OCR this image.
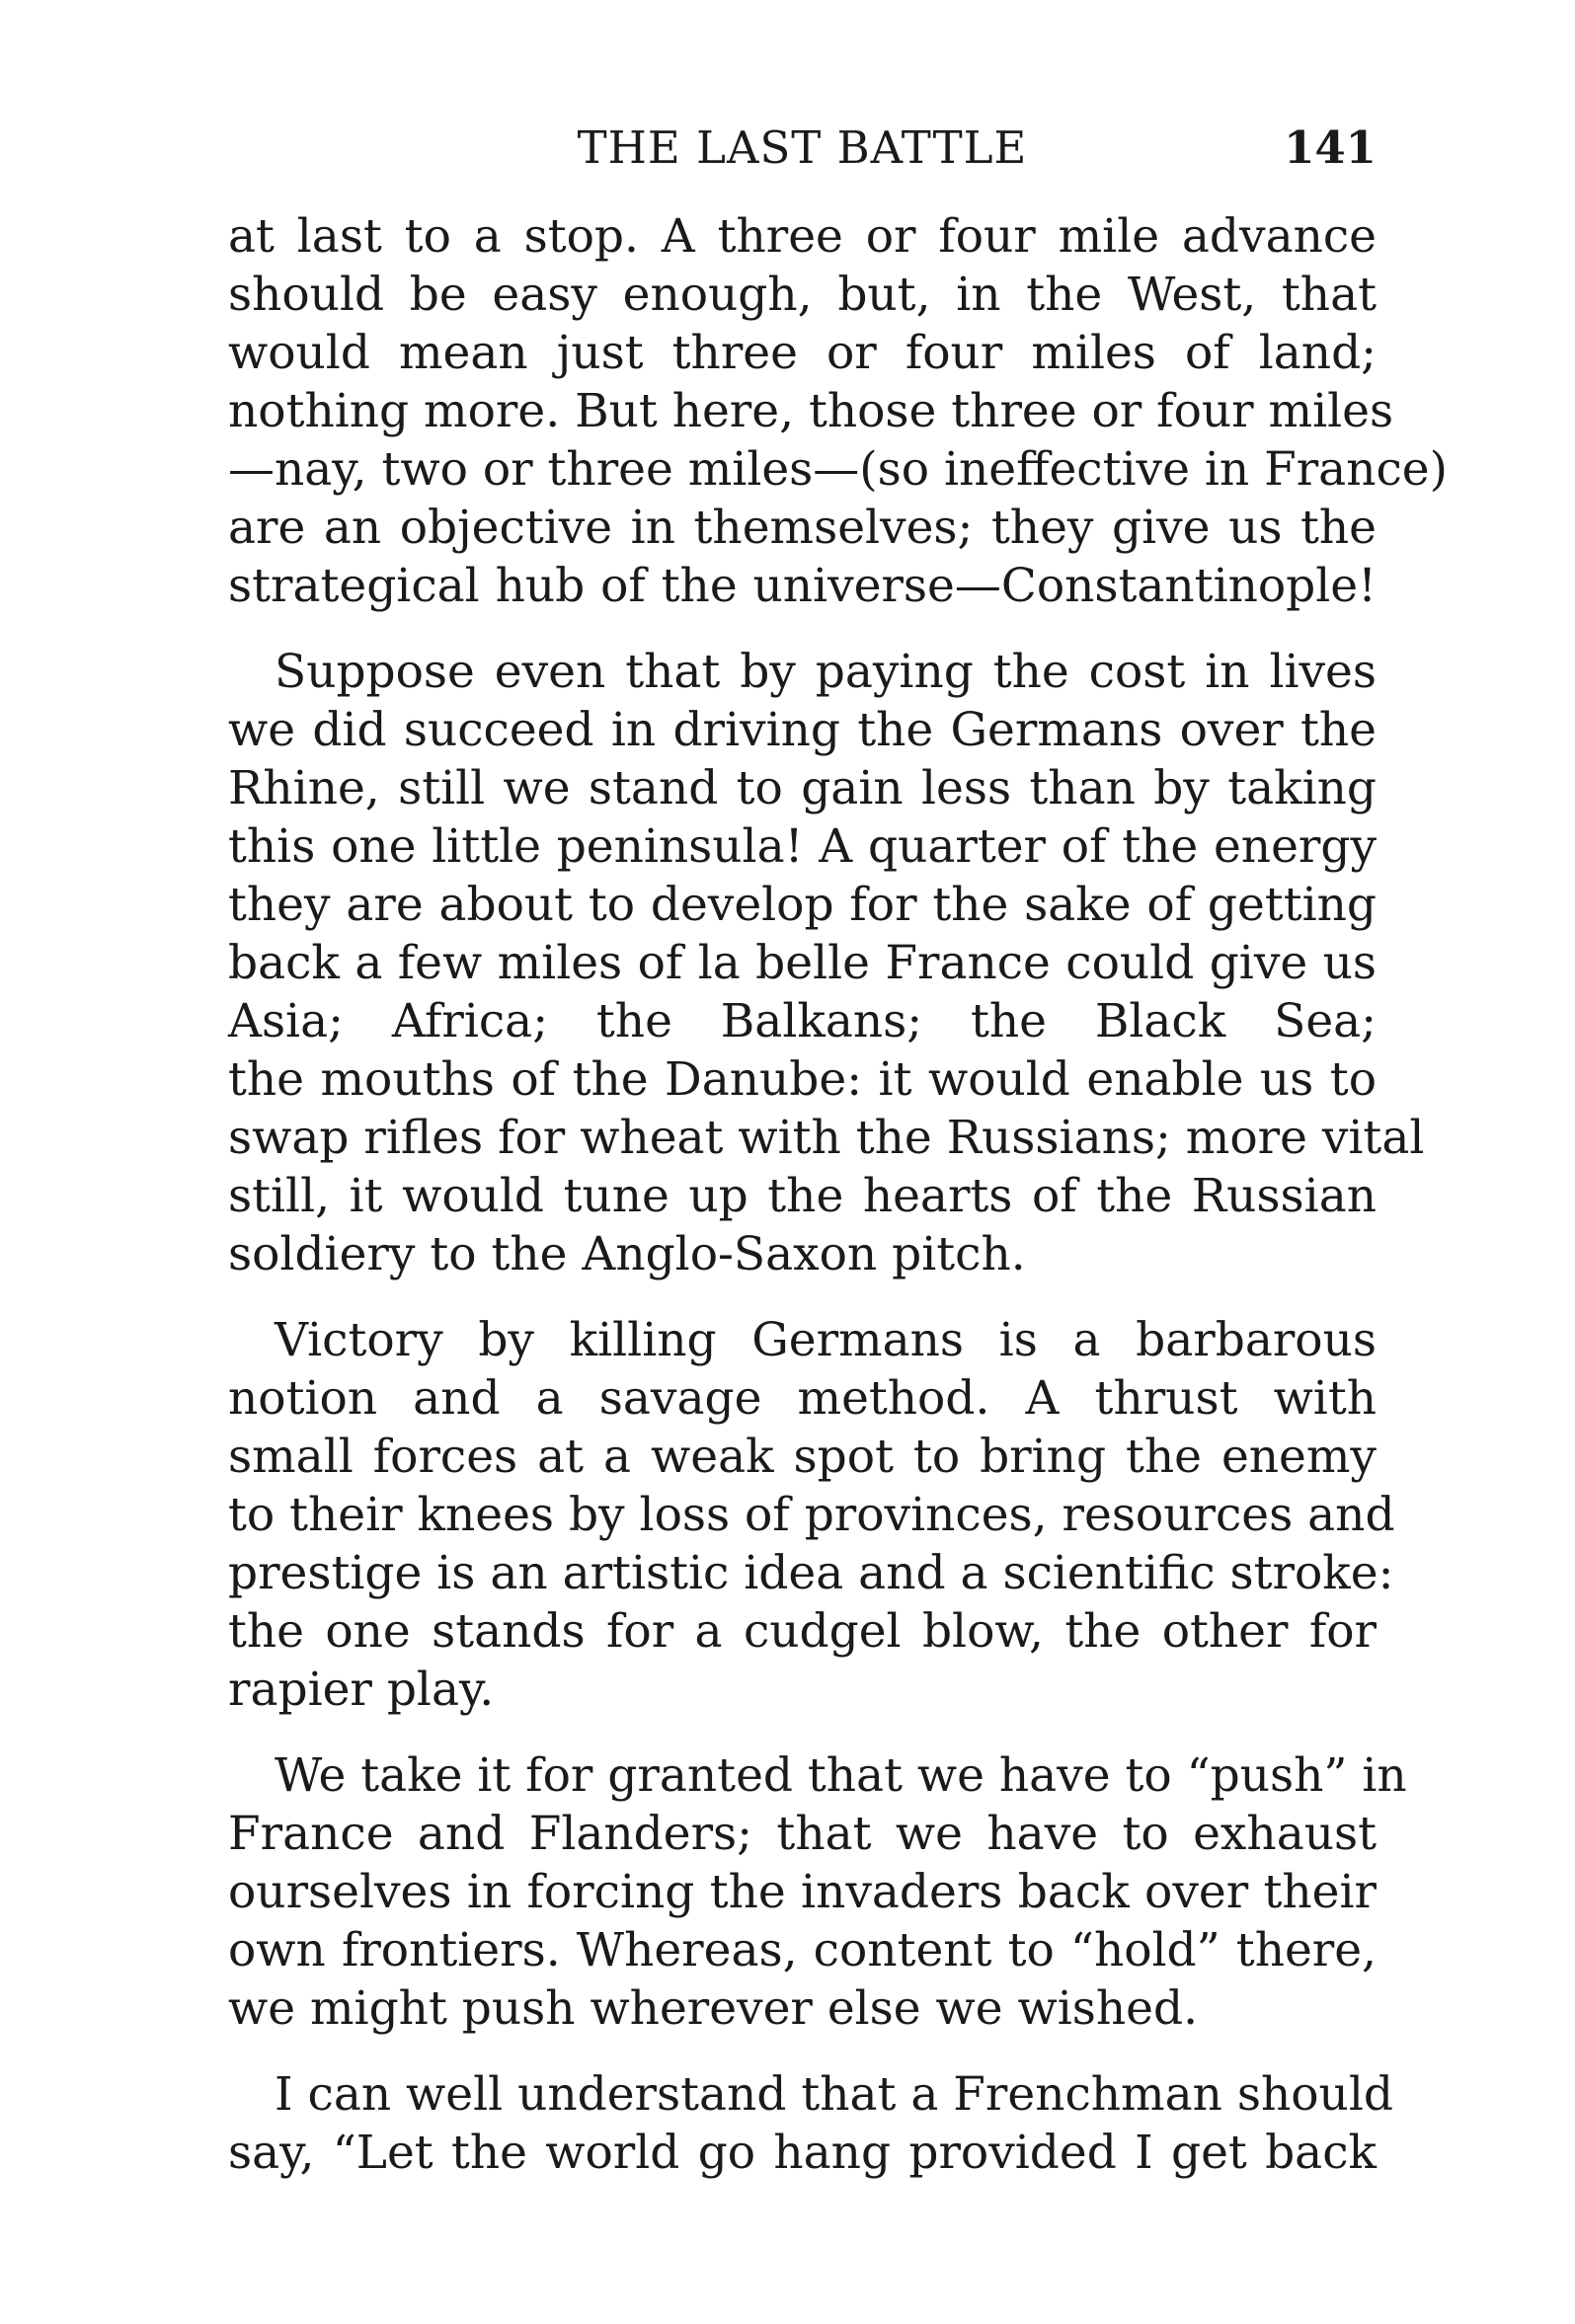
THE LAST BATTLE	141
at last to a stop. A three or four mile advance
should be easy enough, but, in the West, that
would mean just three or four miles of land;
nothing more. But here, those three or four miles
—nay, two or three miles—(so ineffective in France)
are an objective in themselves; they give us the
strategical hub of the universe—Constantinople!
Suppose even that by paying the cost in lives
we did succeed in driving the Germans over the
Rhine, still we stand to gain less than by taking
this one little peninsula! A quarter of the energy
they are about to develop for the sake of getting
back a few miles of la belle France could give us
Asia; Africa; the Balkans; the Black Sea;
the mouths of the Danube: it would enable us to
swap rifles for wheat with the Russians; more vital
still, it would tune up the hearts of the Russian
soldiery to the Anglo-Saxon pitch.
Victory by killing Germans is a barbarous
notion and a savage method. A thrust with
small forces at a weak spot to bring the enemy
to their knees by loss of provinces, resources and
prestige is an artistic idea and a scientific stroke:
the one stands for a cudgel blow, the other for
rapier play.
We take it for granted that we have to “push” in
France and Flanders; that we have to exhaust
ourselves in forcing the invaders back over their
own frontiers. Whereas, content to “hold” there,
we might push wherever else we wished.
I can well understand that a Frenchman should
say, “Let the world go hang provided I get back
